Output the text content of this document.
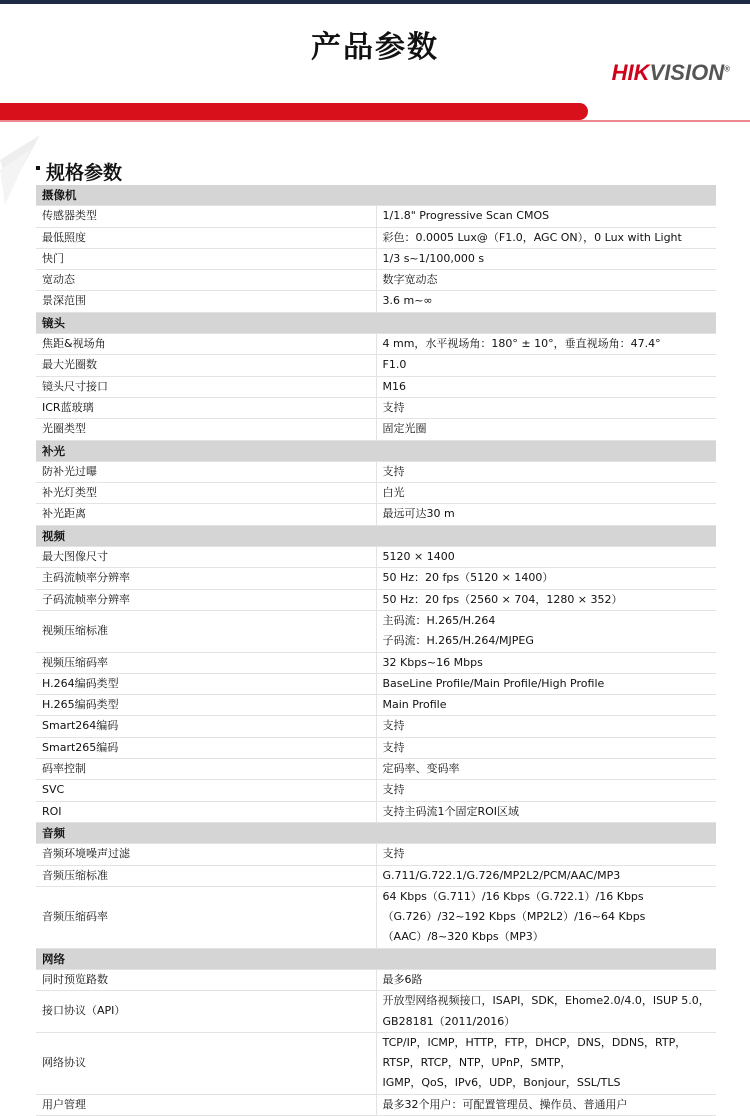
产品参数
HIKVISION®
规格参数
摄像机	
传感器类型	1/1.8" Progressive Scan CMOS

最低照度	彩色：0.0005 Lux@（F1.0，AGC ON），0 Lux with Light

快门	1/3 s~1/100,000 s

宽动态	数字宽动态

景深范围	3.6 m~∞

镜头	
焦距&视场角	4 mm，水平视场角：180° ± 10°，垂直视场角：47.4°

最大光圈数	F1.0

镜头尺寸接口	M16

ICR蓝玻璃	支持

光圈类型	固定光圈

补光	
防补光过曝	支持

补光灯类型	白光

补光距离	最远可达30 m

视频	
最大图像尺寸	5120 × 1400

主码流帧率分辨率	50 Hz：20 fps（5120 × 1400）

子码流帧率分辨率	50 Hz：20 fps（2560 × 704，1280 × 352）

视频压缩标准	主码流：H.265/H.264
子码流：H.265/H.264/MJPEG

视频压缩码率	32 Kbps~16 Mbps

H.264编码类型	BaseLine Profile/Main Profile/High Profile

H.265编码类型	Main Profile

Smart264编码	支持

Smart265编码	支持

码率控制	定码率、变码率

SVC	支持

ROI	支持主码流1个固定ROI区域

音频	
音频环境噪声过滤	支持

音频压缩标准	G.711/G.722.1/G.726/MP2L2/PCM/AAC/MP3

音频压缩码率	64 Kbps（G.711）/16 Kbps（G.722.1）/16 Kbps（G.726）/32~192 Kbps（MP2L2）/16~64 Kbps
（AAC）/8~320 Kbps（MP3）

网络	
同时预览路数	最多6路

接口协议（API）	开放型网络视频接口，ISAPI，SDK，Ehome2.0/4.0，ISUP 5.0，GB28181（2011/2016）

网络协议	TCP/IP，ICMP，HTTP，FTP，DHCP，DNS，DDNS，RTP，RTSP，RTCP，NTP，UPnP，SMTP，
IGMP，QoS，IPv6，UDP，Bonjour，SSL/TLS

用户管理	最多32个用户：可配置管理员、操作员、普通用户
